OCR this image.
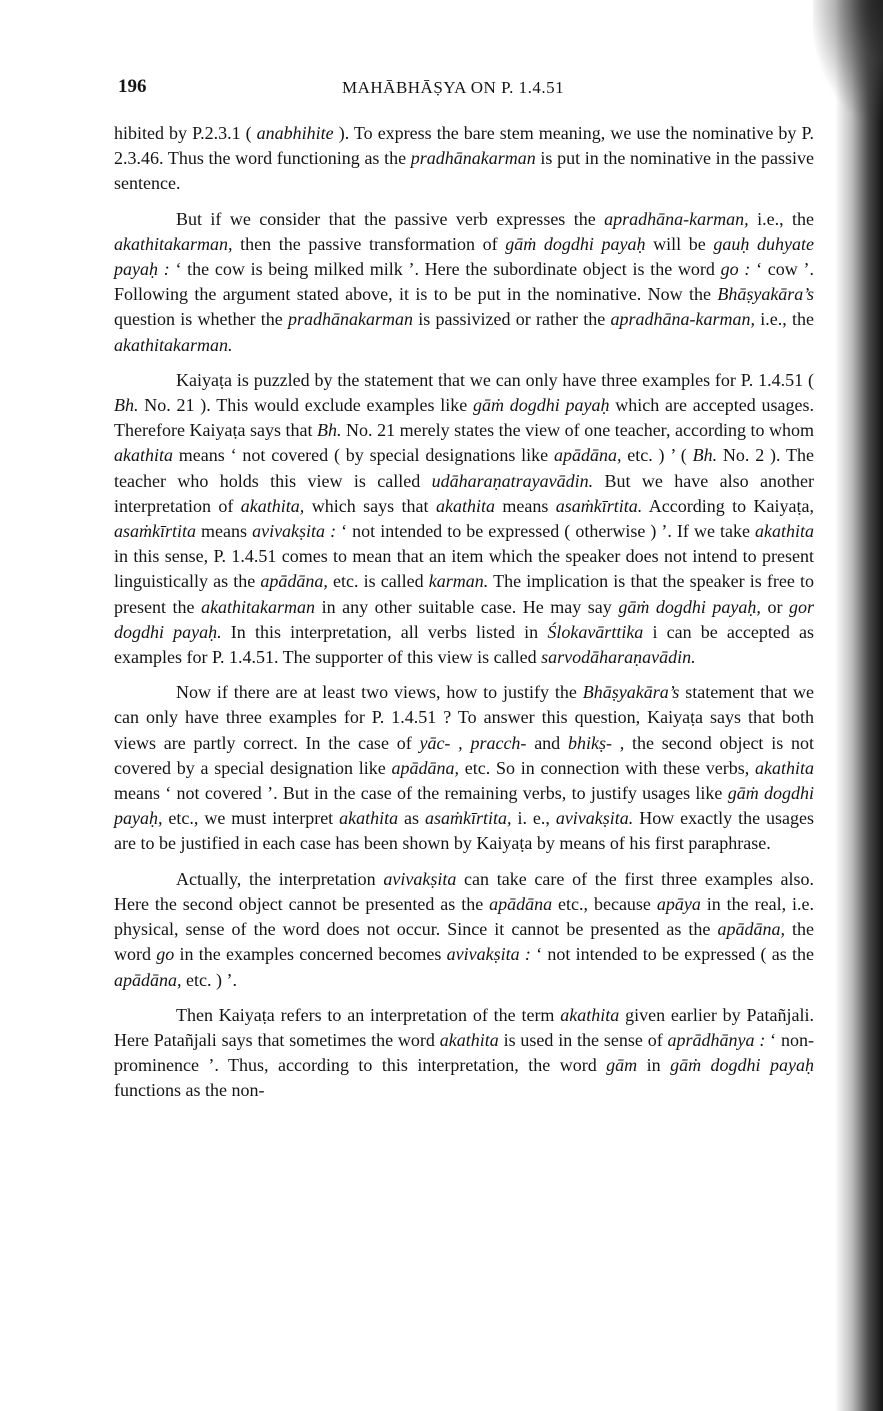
196	MAHĀBHĀṢYA ON P. 1.4.51

hibited by P.2.3.1 ( anabhihite ). To express the bare stem meaning, we use the nominative by P. 2.3.46. Thus the word functioning as the pradhānakarman is put in the nominative in the passive sentence.

But if we consider that the passive verb expresses the apradhāna-karman, i.e., the akathitakarman, then the passive transformation of gāṁ dogdhi payaḥ will be gauḥ duhyate payaḥ : ‘ the cow is being milked milk ’. Here the subordinate object is the word go : ‘ cow ’. Following the argument stated above, it is to be put in the nominative. Now the Bhāṣyakāra’s question is whether the pradhānakarman is passivized or rather the apradhāna-karman, i.e., the akathitakarman.

Kaiyaṭa is puzzled by the statement that we can only have three examples for P. 1.4.51 ( Bh. No. 21 ). This would exclude examples like gāṁ dogdhi payaḥ which are accepted usages. Therefore Kaiyaṭa says that Bh. No. 21 merely states the view of one teacher, according to whom akathita means ‘ not covered ( by special designations like apādāna, etc. ) ’ ( Bh. No. 2 ). The teacher who holds this view is called udāharaṇatrayavādin. But we have also another interpretation of akathita, which says that akathita means asaṁkīrtita. According to Kaiyaṭa, asaṁkīrtita means avivakṣita : ‘ not intended to be expressed ( otherwise ) ’. If we take akathita in this sense, P. 1.4.51 comes to mean that an item which the speaker does not intend to present linguistically as the apādāna, etc. is called karman. The implication is that the speaker is free to present the akathitakarman in any other suitable case. He may say gāṁ dogdhi payaḥ, or gor dogdhi payaḥ. In this interpretation, all verbs listed in Ślokavārttika i can be accepted as examples for P. 1.4.51. The supporter of this view is called sarvodāharaṇavādin.

Now if there are at least two views, how to justify the Bhāṣyakāra’s statement that we can only have three examples for P. 1.4.51 ? To answer this question, Kaiyaṭa says that both views are partly correct. In the case of yāc- , pracch- and bhikṣ- , the second object is not covered by a special designation like apādāna, etc. So in connection with these verbs, akathita means ‘ not covered ’. But in the case of the remaining verbs, to justify usages like gāṁ dogdhi payaḥ, etc., we must interpret akathita as asaṁkīrtita, i. e., avivakṣita. How exactly the usages are to be justified in each case has been shown by Kaiyaṭa by means of his first paraphrase.

Actually, the interpretation avivakṣita can take care of the first three examples also. Here the second object cannot be presented as the apādāna etc., because apāya in the real, i.e. physical, sense of the word does not occur. Since it cannot be presented as the apādāna, the word go in the examples concerned becomes avivakṣita : ‘ not intended to be expressed ( as the apādāna, etc. ) ’.

Then Kaiyaṭa refers to an interpretation of the term akathita given earlier by Patañjali. Here Patañjali says that sometimes the word akathita is used in the sense of aprādhānya : ‘ non-prominence ’. Thus, according to this interpretation, the word gām in gāṁ dogdhi payaḥ functions as the non-
